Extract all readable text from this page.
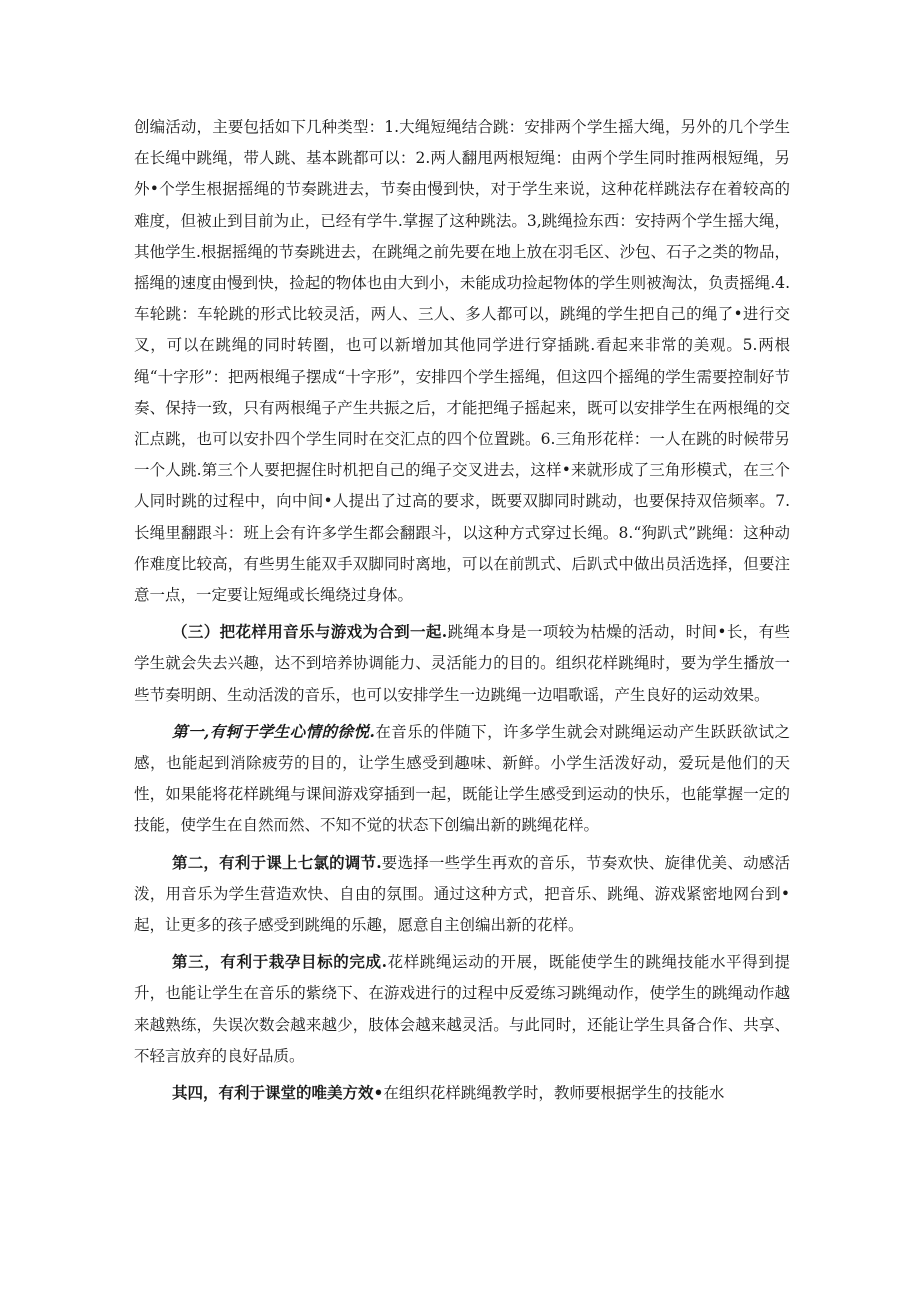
创编活动，主要包括如下几种类型：1.大绳短绳结合跳：安排两个学生摇大绳，另外的几个学生在长绳中跳绳，带人跳、基本跳都可以：2.两人翻甩两根短绳：由两个学生同时推两根短绳，另外•个学生根据摇绳的节奏跳进去，节奏由慢到快，对于学生来说，这种花样跳法存在着较高的难度，但被止到目前为止，已经有学牛.掌握了这种跳法。3,跳绳捡东西：安持两个学生摇大绳，其他学生.根据摇绳的节奏跳进去，在跳绳之前先要在地上放在羽毛区、沙包、石子之类的物品，摇绳的速度由慢到快，捡起的物体也由大到小，未能成功捡起物体的学生则被淘汰，负责摇绳.4.车轮跳：车轮跳的形式比较灵活，两人、三人、多人都可以，跳绳的学生把自己的绳了•进行交叉，可以在跳绳的同时转圈，也可以新增加其他同学进行穿插跳.看起来非常的美观。5.两根绳“十字形”：把两根绳子摆成“十字形”，安排四个学生摇绳，但这四个摇绳的学生需要控制好节奏、保持一致，只有两根绳子产生共振之后，才能把绳子摇起来，既可以安排学生在两根绳的交汇点跳，也可以安扑四个学生同时在交汇点的四个位置跳。6.三角形花样：一人在跳的时候带另一个人跳.第三个人要把握住时机把自己的绳子交叉进去，这样•来就形成了三角形模式，在三个人同时跳的过程中，向中间•人提出了过高的要求，既要双脚同时跳动，也要保持双倍频率。7.长绳里翻跟斗：班上会有许多学生都会翻跟斗，以这种方式穿过长绳。8.“狗趴式”跳绳：这种动作难度比较高，有些男生能双手双脚同时离地，可以在前凯式、后趴式中做出员活选择，但要注意一点，一定要让短绳或长绳绕过身体。

（三）把花样用音乐与游戏为合到一起.跳绳本身是一项较为枯燥的活动，时间•长，有些学生就会失去兴趣，达不到培养协调能力、灵活能力的目的。组织花样跳绳时，要为学生播放一些节奏明朗、生动活泼的音乐，也可以安排学生一边跳绳一边唱歌谣，产生良好的运动效果。

第一,有轲于学生心情的徐悦.在音乐的伴随下，许多学生就会对跳绳运动产生跃跃欲试之感，也能起到消除疲劳的目的，让学生感受到趣味、新鲜。小学生活泼好动，爱玩是他们的天性，如果能将花样跳绳与课间游戏穿插到一起，既能让学生感受到运动的快乐，也能掌握一定的技能，使学生在自然而然、不知不觉的状态下创编出新的跳绳花样。

第二，有利于课上七氯的调节.要选择一些学生再欢的音乐，节奏欢快、旋律优美、动感活泼，用音乐为学生营造欢快、自由的氛围。通过这种方式，把音乐、跳绳、游戏紧密地网台到•起，让更多的孩子感受到跳绳的乐趣，愿意自主创编出新的花样。

第三，有利于栽孕目标的完成.花样跳绳运动的开展，既能使学生的跳绳技能水平得到提升，也能让学生在音乐的紫绕下、在游戏进行的过程中反爱练习跳绳动作，使学生的跳绳动作越来越熟练，失误次数会越来越少，肢体会越来越灵活。与此同时，还能让学生具备合作、共享、不轻言放弃的良好品质。

其四，有利于课堂的唯美方效•在组织花样跳绳教学时，教师要根据学生的技能水
